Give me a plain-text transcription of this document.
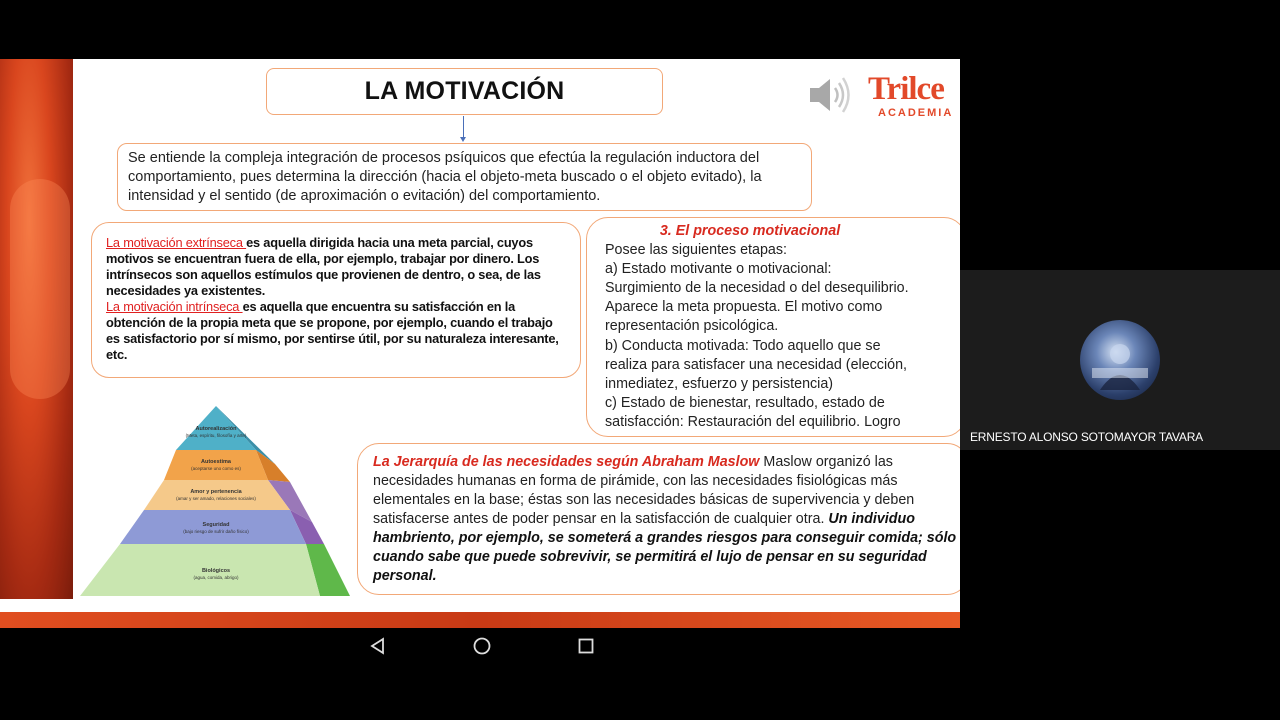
LA MOTIVACIÓN
Se entiende la compleja integración de procesos psíquicos que efectúa la regulación inductora del comportamiento, pues determina la dirección (hacia el objeto-meta buscado o el objeto evitado), la intensidad y el sentido (de aproximación o evitación) del comportamiento.
La motivación extrínseca es aquella dirigida hacia una meta parcial, cuyos motivos se encuentran fuera de ella, por ejemplo, trabajar por dinero. Los intrínsecos son aquellos estímulos que provienen de dentro, o sea, de las necesidades ya existentes.
La motivación intrínseca es aquella que encuentra su satisfacción en la obtención de la propia meta que se propone, por ejemplo, cuando el trabajo es satisfactorio por sí mismo, por sentirse útil, por su naturaleza interesante, etc.
3. El proceso motivacional
Posee las siguientes etapas:
a) Estado motivante o motivacional:
Surgimiento de la necesidad o del desequilibrio.
Aparece la meta propuesta. El motivo como
representación psicológica.
b) Conducta motivada: Todo aquello que se
realiza para satisfacer una necesidad (elección,
inmediatez, esfuerzo y persistencia)
c) Estado de bienestar, resultado, estado de
satisfacción: Restauración del equilibrio. Logro
La Jerarquía de las necesidades según Abraham Maslow Maslow organizó las necesidades humanas en forma de pirámide, con las necesidades fisiológicas más elementales en la base; éstas son las necesidades básicas de supervivencia y deben satisfacerse antes de poder pensar en la satisfacción de cualquier otra. Un individuo hambriento, por ejemplo, se someterá a grandes riesgos para conseguir comida; sólo cuando sabe que puede sobrevivir, se permitirá el lujo de pensar en su seguridad personal.
Autorealización
(Meta, espíritu, filosofía y arte)
Autoestima
(aceptarse uno como es)
Amor y pertenencia
(amar y ser amado, relaciones sociales)
Seguridad
(bajo riesgo de sufrir daño físico)
Biológicos
(agua, comida, abrigo)
Trilce
ACADEMIA
ERNESTO ALONSO SOTOMAYOR TAVARA
